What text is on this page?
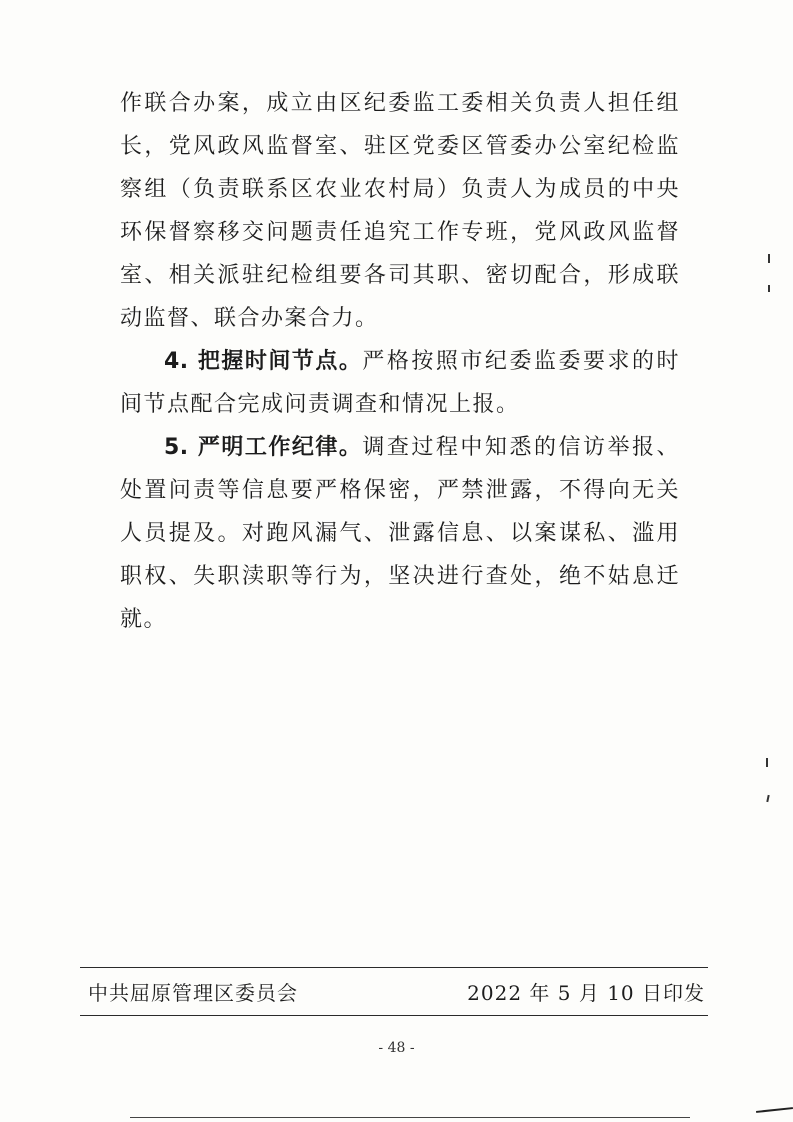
作联合办案，成立由区纪委监工委相关负责人担任组长，党风政风监督室、驻区党委区管委办公室纪检监察组（负责联系区农业农村局）负责人为成员的中央环保督察移交问题责任追究工作专班，党风政风监督室、相关派驻纪检组要各司其职、密切配合，形成联动监督、联合办案合力。

4. 把握时间节点。严格按照市纪委监委要求的时间节点配合完成问责调查和情况上报。

5. 严明工作纪律。调查过程中知悉的信访举报、处置问责等信息要严格保密，严禁泄露，不得向无关人员提及。对跑风漏气、泄露信息、以案谋私、滥用职权、失职渎职等行为，坚决进行查处，绝不姑息迁就。

中共屈原管理区委员会	2022 年 5 月 10 日印发
- 48 -
